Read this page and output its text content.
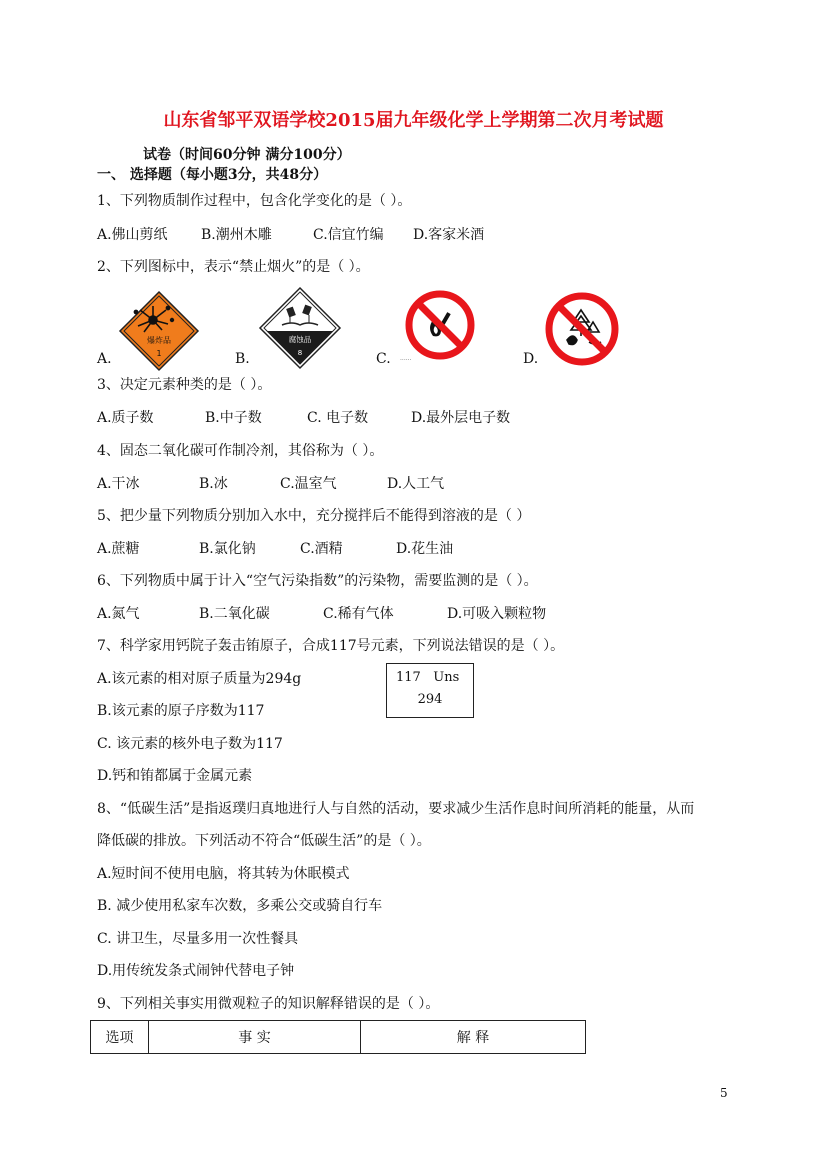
山东省邹平双语学校2015届九年级化学上学期第二次月考试题
试卷（时间60分钟 满分100分）
一、 选择题（每小题3分，共48分）
1、下列物质制作过程中，包含化学变化的是（ ）。
A.佛山剪纸 B.潮州木雕	C.信宜竹编 D.客家米酒
2、下列图标中，表示“禁止烟火”的是（ ）。
A.	B.	C.	D.
爆炸品
1
腐蚀品
8
......
3、决定元素种类的是（ ）。
A.质子数	B.中子数	C. 电子数	D.最外层电子数
4、固态二氧化碳可作制冷剂，其俗称为（ ）。
A.干冰	B.冰	C.温室气	D.人工气
5、把少量下列物质分别加入水中，充分搅拌后不能得到溶液的是（ ）
A.蔗糖	B.氯化钠	C.酒精	D.花生油
6、下列物质中属于计入“空气污染指数”的污染物，需要监测的是（ ）。
A.氮气	B.二氧化碳	C.稀有气体	D.可吸入颗粒物
7、科学家用钙院子轰击铕原子，合成117号元素，下列说法错误的是（ ）。
A.该元素的相对原子质量为294g
B.该元素的原子序数为117
C. 该元素的核外电子数为117
D.钙和铕都属于金属元素
117 Uns
294
8、“低碳生活”是指返璞归真地进行人与自然的活动，要求减少生活作息时间所消耗的能量，从而
降低碳的排放。下列活动不符合“低碳生活”的是（ ）。
A.短时间不使用电脑，将其转为休眠模式
B. 减少使用私家车次数，多乘公交或骑自行车
C. 讲卫生，尽量多用一次性餐具
D.用传统发条式闹钟代替电子钟
9、下列相关事实用微观粒子的知识解释错误的是（ ）。
选项	事 实	解 释
5
